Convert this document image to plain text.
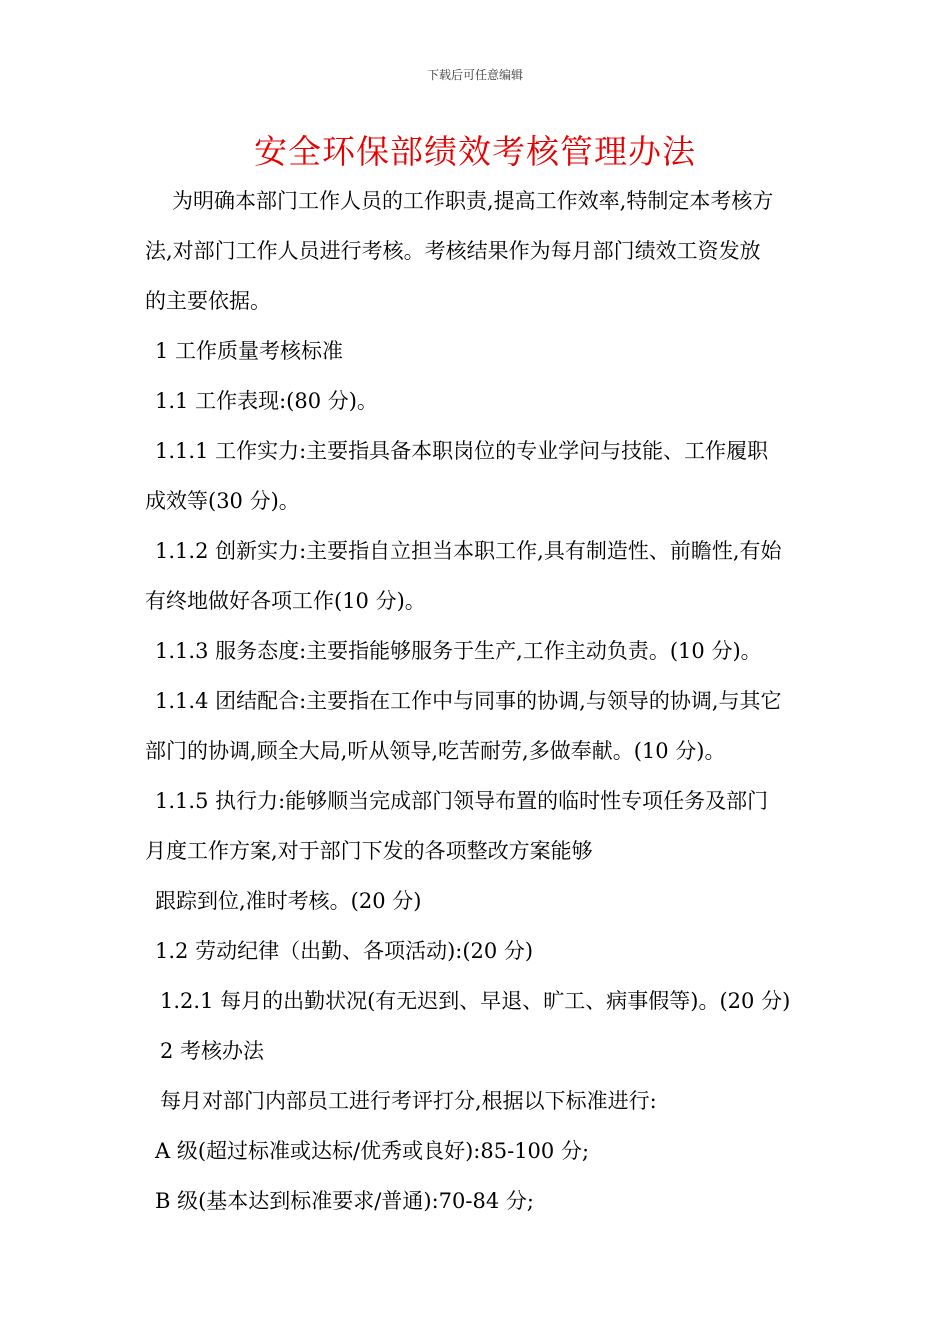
下载后可任意编辑
安全环保部绩效考核管理办法
为明确本部门工作人员的工作职责,提高工作效率,特制定本考核方
法,对部门工作人员进行考核。考核结果作为每月部门绩效工资发放
的主要依据。
1 工作质量考核标准
1.1 工作表现:(80 分)。
1.1.1 工作实力:主要指具备本职岗位的专业学问与技能、工作履职
成效等(30 分)。
1.1.2 创新实力:主要指自立担当本职工作,具有制造性、前瞻性,有始
有终地做好各项工作(10 分)。
1.1.3 服务态度:主要指能够服务于生产,工作主动负责。(10 分)。
1.1.4 团结配合:主要指在工作中与同事的协调,与领导的协调,与其它
部门的协调,顾全大局,听从领导,吃苦耐劳,多做奉献。(10 分)。
1.1.5 执行力:能够顺当完成部门领导布置的临时性专项任务及部门
月度工作方案,对于部门下发的各项整改方案能够
跟踪到位,准时考核。(20 分)
1.2 劳动纪律（出勤、各项活动):(20 分)
1.2.1 每月的出勤状况(有无迟到、早退、旷工、病事假等)。(20 分)
2 考核办法
每月对部门内部员工进行考评打分,根据以下标准进行:
A 级(超过标准或达标/优秀或良好):85-100 分;
B 级(基本达到标准要求/普通):70-84 分;
